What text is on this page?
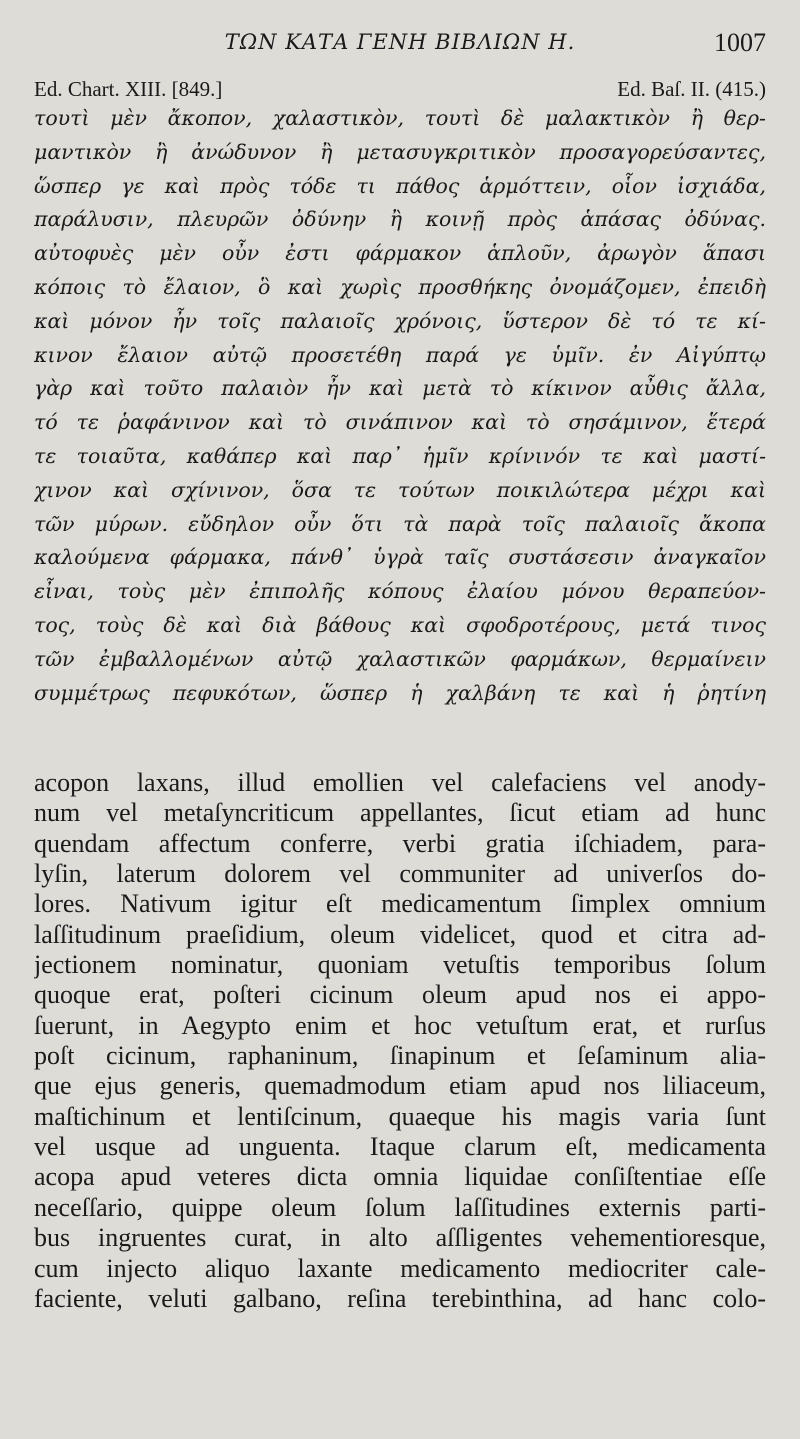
ΤΩΝ ΚΑΤΑ ΓΕΝΗ ΒΙΒΛΙΩΝ Η.	1007
Ed. Chart. XIII. [849.]	Ed. Baſ. II. (415.)
τουτὶ μὲν ἄκοπον, χαλαστικὸν, τουτὶ δὲ μαλακτικὸν ἢ θερ-
μαντικὸν ἢ ἀνώδυνον ἢ μετασυγκριτικὸν προσαγορεύσαντες,
ὥσπερ γε καὶ πρὸς τόδε τι πάθος ἁρμόττειν, οἷον ἰσχιάδα,
παράλυσιν, πλευρῶν ὀδύνην ἢ κοινῇ πρὸς ἁπάσας ὀδύνας.
αὐτοφυὲς μὲν οὖν ἐστι φάρμακον ἁπλοῦν, ἀρωγὸν ἅπασι
κόποις τὸ ἔλαιον, ὃ καὶ χωρὶς προσθήκης ὀνομάζομεν, ἐπειδὴ
καὶ μόνον ἦν τοῖς παλαιοῖς χρόνοις, ὕστερον δὲ τό τε κί-
κινον ἔλαιον αὐτῷ προσετέθη παρά γε ὑμῖν. ἐν Αἰγύπτῳ
γὰρ καὶ τοῦτο παλαιὸν ἦν καὶ μετὰ τὸ κίκινον αὖθις ἄλλα,
τό τε ῥαφάνινον καὶ τὸ σινάπινον καὶ τὸ σησάμινον, ἕτερά
τε τοιαῦτα, καθάπερ καὶ παρ᾽ ἡμῖν κρίνινόν τε καὶ μαστί-
χινον καὶ σχίνινον, ὅσα τε τούτων ποικιλώτερα μέχρι καὶ
τῶν μύρων. εὔδηλον οὖν ὅτι τὰ παρὰ τοῖς παλαιοῖς ἄκοπα
καλούμενα φάρμακα, πάνθ᾽ ὑγρὰ ταῖς συστάσεσιν ἀναγκαῖον
εἶναι, τοὺς μὲν ἐπιπολῆς κόπους ἐλαίου μόνου θεραπεύον-
τος, τοὺς δὲ καὶ διὰ βάθους καὶ σφοδροτέρους, μετά τινος
τῶν ἐμβαλλομένων αὐτῷ χαλαστικῶν φαρμάκων, θερμαίνειν
συμμέτρως πεφυκότων, ὥσπερ ἡ χαλβάνη τε καὶ ἡ ῥητίνη
acopon laxans, illud emollien vel calefaciens vel anody-
num vel metaſyncriticum appellantes, ſicut etiam ad hunc
quendam affectum conferre, verbi gratia iſchiadem, para-
lyſin, laterum dolorem vel communiter ad univerſos do-
lores. Nativum igitur eſt medicamentum ſimplex omnium
laſſitudinum praeſidium, oleum videlicet, quod et citra ad-
jectionem nominatur, quoniam vetuſtis temporibus ſolum
quoque erat, poſteri cicinum oleum apud nos ei appo-
ſuerunt, in Aegypto enim et hoc vetuſtum erat, et rurſus
poſt cicinum, raphaninum, ſinapinum et ſeſaminum alia-
que ejus generis, quemadmodum etiam apud nos liliaceum,
maſtichinum et lentiſcinum, quaeque his magis varia ſunt
vel usque ad unguenta. Itaque clarum eſt, medicamenta
acopa apud veteres dicta omnia liquidae conſiſtentiae eſſe
neceſſario, quippe oleum ſolum laſſitudines externis parti-
bus ingruentes curat, in alto aſſligentes vehementioresque,
cum injecto aliquo laxante medicamento mediocriter cale-
faciente, veluti galbano, reſina terebinthina, ad hanc colo-
